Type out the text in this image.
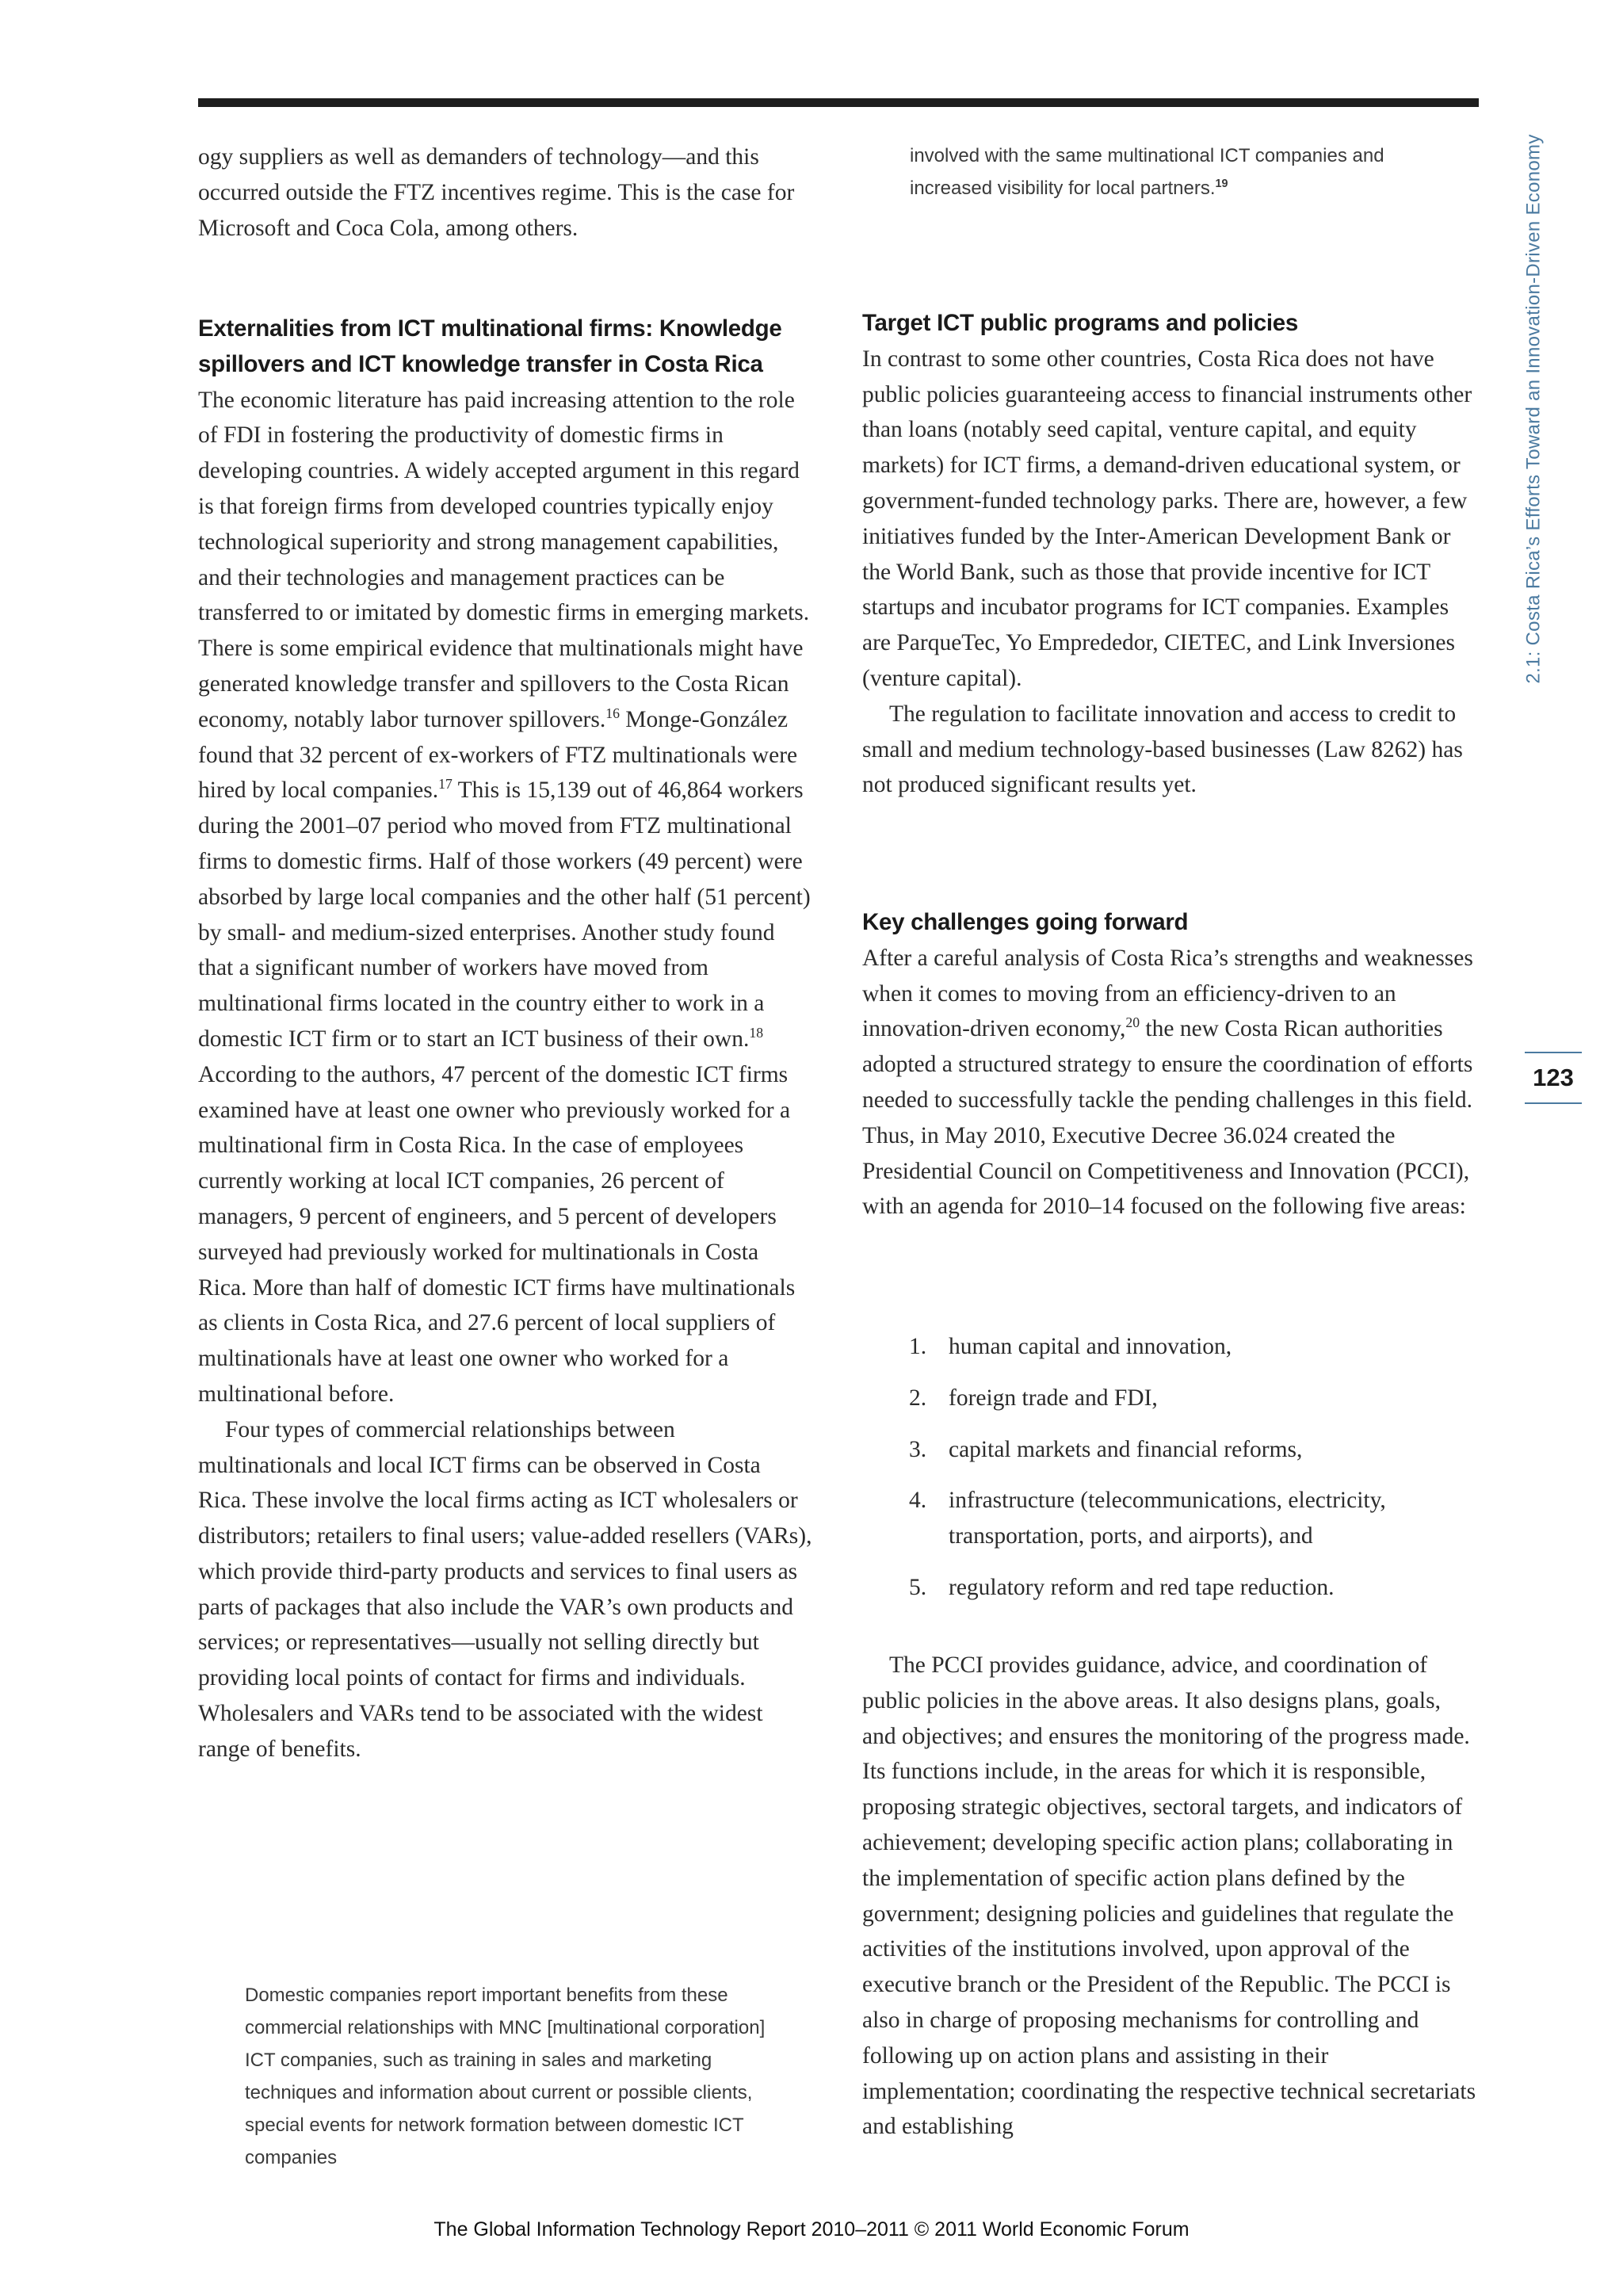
ogy suppliers as well as demanders of technology—and this occurred outside the FTZ incentives regime. This is the case for Microsoft and Coca Cola, among others.

Externalities from ICT multinational firms: Knowledge spillovers and ICT knowledge transfer in Costa Rica

The economic literature has paid increasing attention to the role of FDI in fostering the productivity of domestic firms in developing countries. A widely accepted argument in this regard is that foreign firms from developed countries typically enjoy technological superiority and strong management capabilities, and their technologies and management practices can be transferred to or imitated by domestic firms in emerging markets. There is some empirical evidence that multinationals might have generated knowledge transfer and spillovers to the Costa Rican economy, notably labor turnover spillovers.$^{16}$ Monge-González found that 32 percent of ex-workers of FTZ multinationals were hired by local companies.$^{17}$ This is 15,139 out of 46,864 workers during the 2001–07 period who moved from FTZ multinational firms to domestic firms. Half of those workers (49 percent) were absorbed by large local companies and the other half (51 percent) by small- and medium-sized enterprises. Another study found that a significant number of workers have moved from multinational firms located in the country either to work in a domestic ICT firm or to start an ICT business of their own.$^{18}$ According to the authors, 47 percent of the domestic ICT firms examined have at least one owner who previously worked for a multinational firm in Costa Rica. In the case of employees currently working at local ICT companies, 26 percent of managers, 9 percent of engineers, and 5 percent of developers surveyed had previously worked for multinationals in Costa Rica. More than half of domestic ICT firms have multinationals as clients in Costa Rica, and 27.6 percent of local suppliers of multinationals have at least one owner who worked for a multinational before.

Four types of commercial relationships between multinationals and local ICT firms can be observed in Costa Rica. These involve the local firms acting as ICT wholesalers or distributors; retailers to final users; value-added resellers (VARs), which provide third-party products and services to final users as parts of packages that also include the VAR’s own products and services; or representatives—usually not selling directly but providing local points of contact for firms and individuals. Wholesalers and VARs tend to be associated with the widest range of benefits.

Domestic companies report important benefits from these commercial relationships with MNC [multinational corporation] ICT companies, such as training in sales and marketing techniques and information about current or possible clients, special events for network formation between domestic ICT companies

involved with the same multinational ICT companies and increased visibility for local partners.$^{19}$

Target ICT public programs and policies

In contrast to some other countries, Costa Rica does not have public policies guaranteeing access to financial instruments other than loans (notably seed capital, venture capital, and equity markets) for ICT firms, a demand-driven educational system, or government-funded technology parks. There are, however, a few initiatives funded by the Inter-American Development Bank or the World Bank, such as those that provide incentive for ICT startups and incubator programs for ICT companies. Examples are ParqueTec, Yo Emprededor, CIETEC, and Link Inversiones (venture capital).

The regulation to facilitate innovation and access to credit to small and medium technology-based businesses (Law 8262) has not produced significant results yet.

Key challenges going forward

After a careful analysis of Costa Rica’s strengths and weaknesses when it comes to moving from an efficiency-driven to an innovation-driven economy,$^{20}$ the new Costa Rican authorities adopted a structured strategy to ensure the coordination of efforts needed to successfully tackle the pending challenges in this field. Thus, in May 2010, Executive Decree 36.024 created the Presidential Council on Competitiveness and Innovation (PCCI), with an agenda for 2010–14 focused on the following five areas:

1. human capital and innovation,
2. foreign trade and FDI,
3. capital markets and financial reforms,
4. infrastructure (telecommunications, electricity, transportation, ports, and airports), and
5. regulatory reform and red tape reduction.

The PCCI provides guidance, advice, and coordination of public policies in the above areas. It also designs plans, goals, and objectives; and ensures the monitoring of the progress made. Its functions include, in the areas for which it is responsible, proposing strategic objectives, sectoral targets, and indicators of achievement; developing specific action plans; collaborating in the implementation of specific action plans defined by the government; designing policies and guidelines that regulate the activities of the institutions involved, upon approval of the executive branch or the President of the Republic. The PCCI is also in charge of proposing mechanisms for controlling and following up on action plans and assisting in their implementation; coordinating the respective technical secretariats and establishing

2.1: Costa Rica’s Efforts Toward an Innovation-Driven Economy
123
The Global Information Technology Report 2010–2011 © 2011 World Economic Forum
